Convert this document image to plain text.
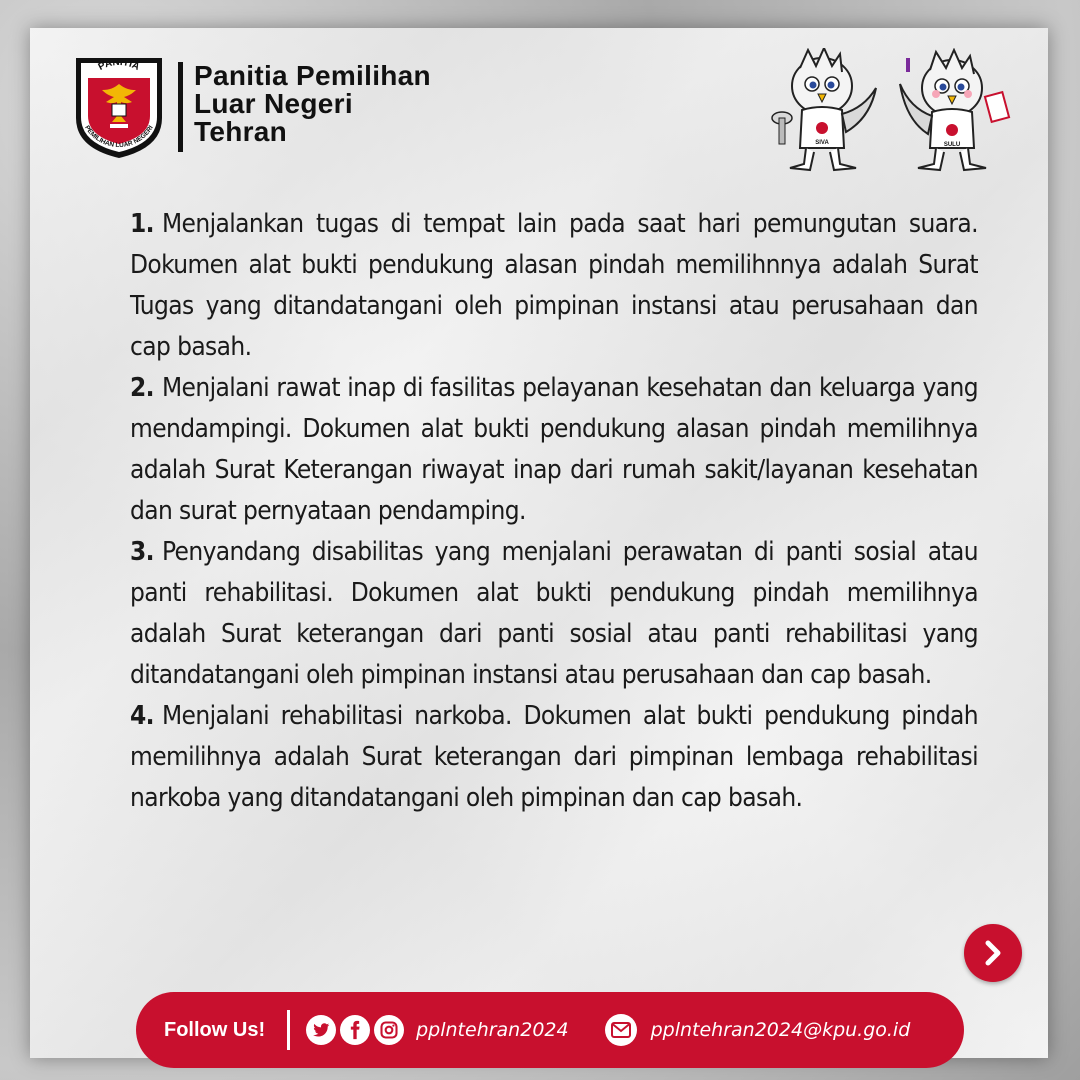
PANITIA
PEMILIHAN LUAR NEGERI
Panitia Pemilihan
Luar Negeri
Tehran	SIVA	SULU

1. Menjalankan tugas di tempat lain pada saat hari pemungutan suara. Dokumen alat bukti pendukung alasan pindah memilihnnya adalah Surat Tugas yang ditandatangani oleh pimpinan instansi atau perusahaan dan cap basah.

2. Menjalani rawat inap di fasilitas pelayanan kesehatan dan keluarga yang mendampingi. Dokumen alat bukti pendukung alasan pindah memilihnya adalah Surat Keterangan riwayat inap dari rumah sakit/layanan kesehatan dan surat pernyataan pendamping.

3. Penyandang disabilitas yang menjalani perawatan di panti sosial atau panti rehabilitasi. Dokumen alat bukti pendukung pindah memilihnya adalah Surat keterangan dari panti sosial atau panti rehabilitasi yang ditandatangani oleh pimpinan instansi atau perusahaan dan cap basah.

4. Menjalani rehabilitasi narkoba. Dokumen alat bukti pendukung pindah memilihnya adalah Surat keterangan dari pimpinan lembaga rehabilitasi narkoba yang ditandatangani oleh pimpinan dan cap basah.

Follow Us!	pplntehran2024	pplntehran2024@kpu.go.id
